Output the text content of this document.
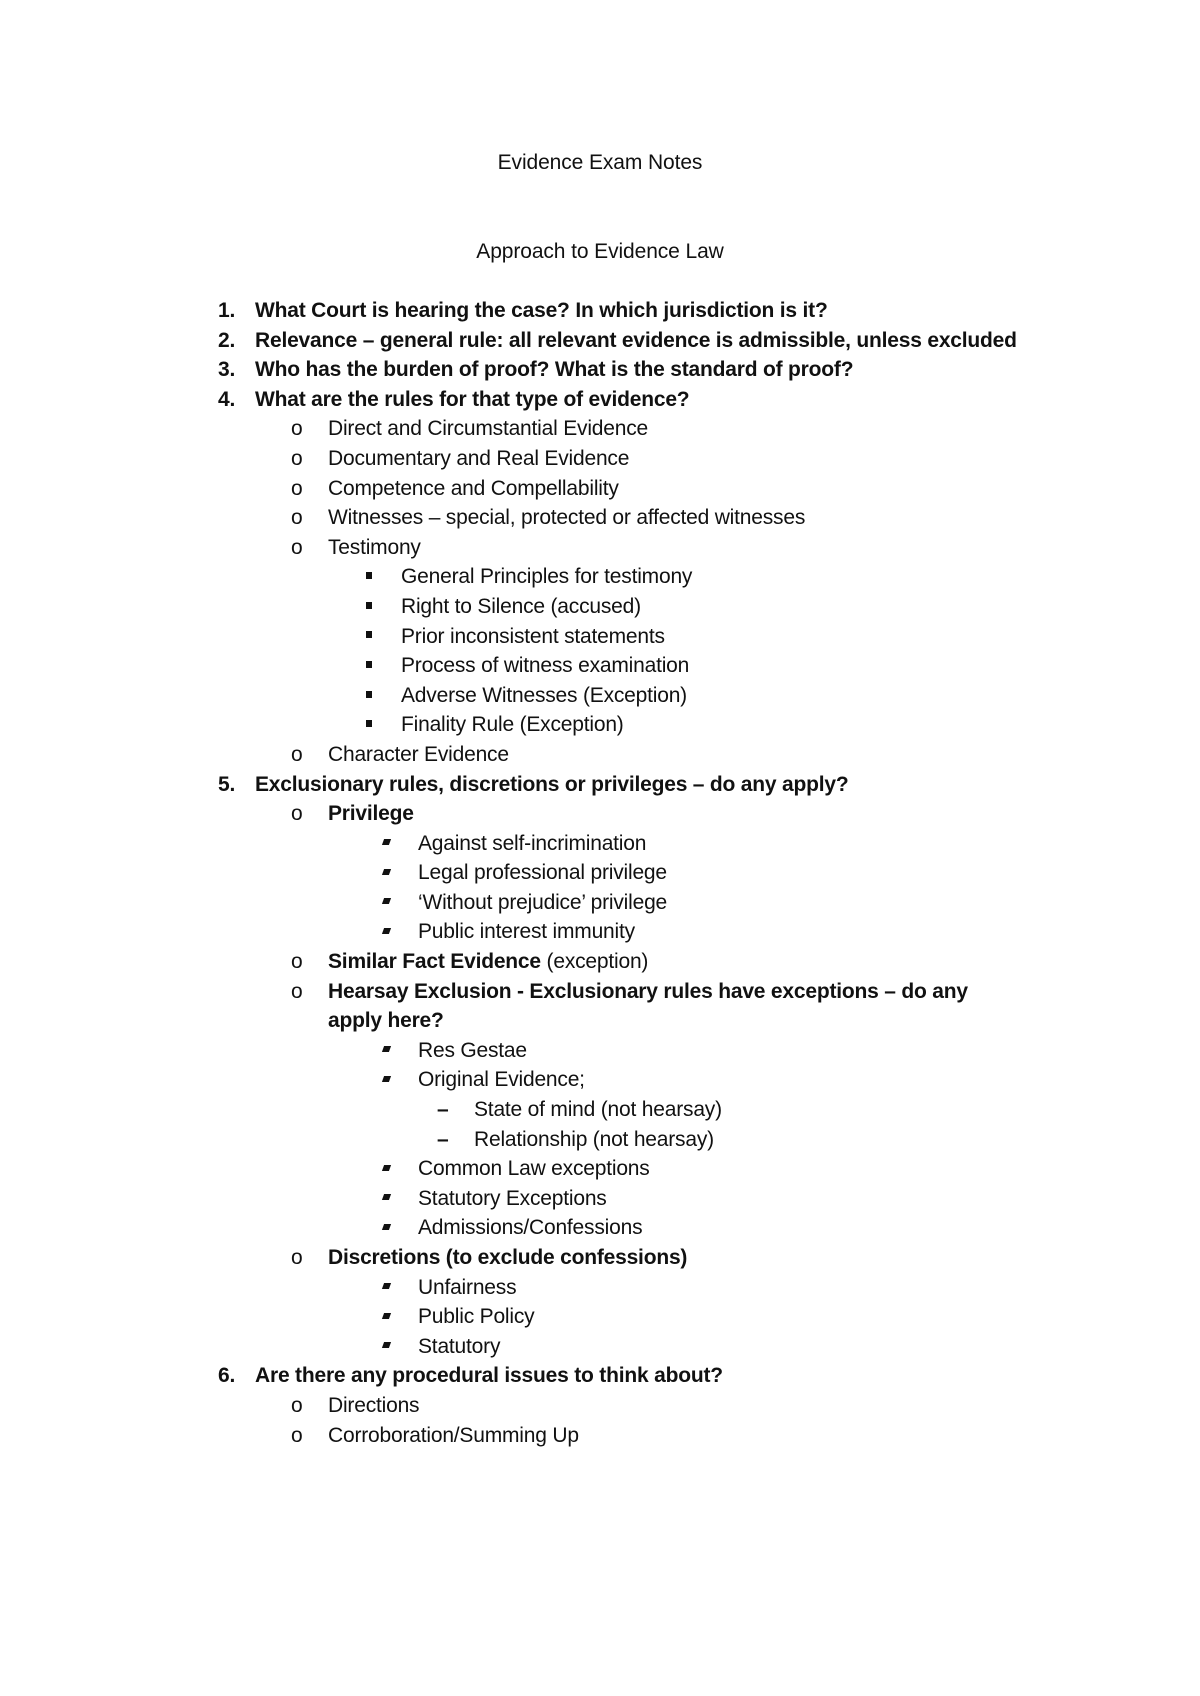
Evidence Exam Notes
Approach to Evidence Law
1. What Court is hearing the case? In which jurisdiction is it?
2. Relevance – general rule: all relevant evidence is admissible, unless excluded
3. Who has the burden of proof? What is the standard of proof?
4. What are the rules for that type of evidence?
o	Direct and Circumstantial Evidence
o	Documentary and Real Evidence
o	Competence and Compellability
o	Witnesses – special, protected or affected witnesses
o	Testimony
General Principles for testimony
Right to Silence (accused)
Prior inconsistent statements
Process of witness examination
Adverse Witnesses (Exception)
Finality Rule (Exception)
o	Character Evidence
5. Exclusionary rules, discretions or privileges – do any apply?
o	Privilege
Against self-incrimination
Legal professional privilege
‘Without prejudice’ privilege
Public interest immunity
o	Similar Fact Evidence (exception)
o	Hearsay Exclusion - Exclusionary rules have exceptions – do any apply here?
Res Gestae
Original Evidence;
–	State of mind (not hearsay)
–	Relationship (not hearsay)
Common Law exceptions
Statutory Exceptions
Admissions/Confessions
o	Discretions (to exclude confessions)
Unfairness
Public Policy
Statutory
6. Are there any procedural issues to think about?
o	Directions
o	Corroboration/Summing Up
